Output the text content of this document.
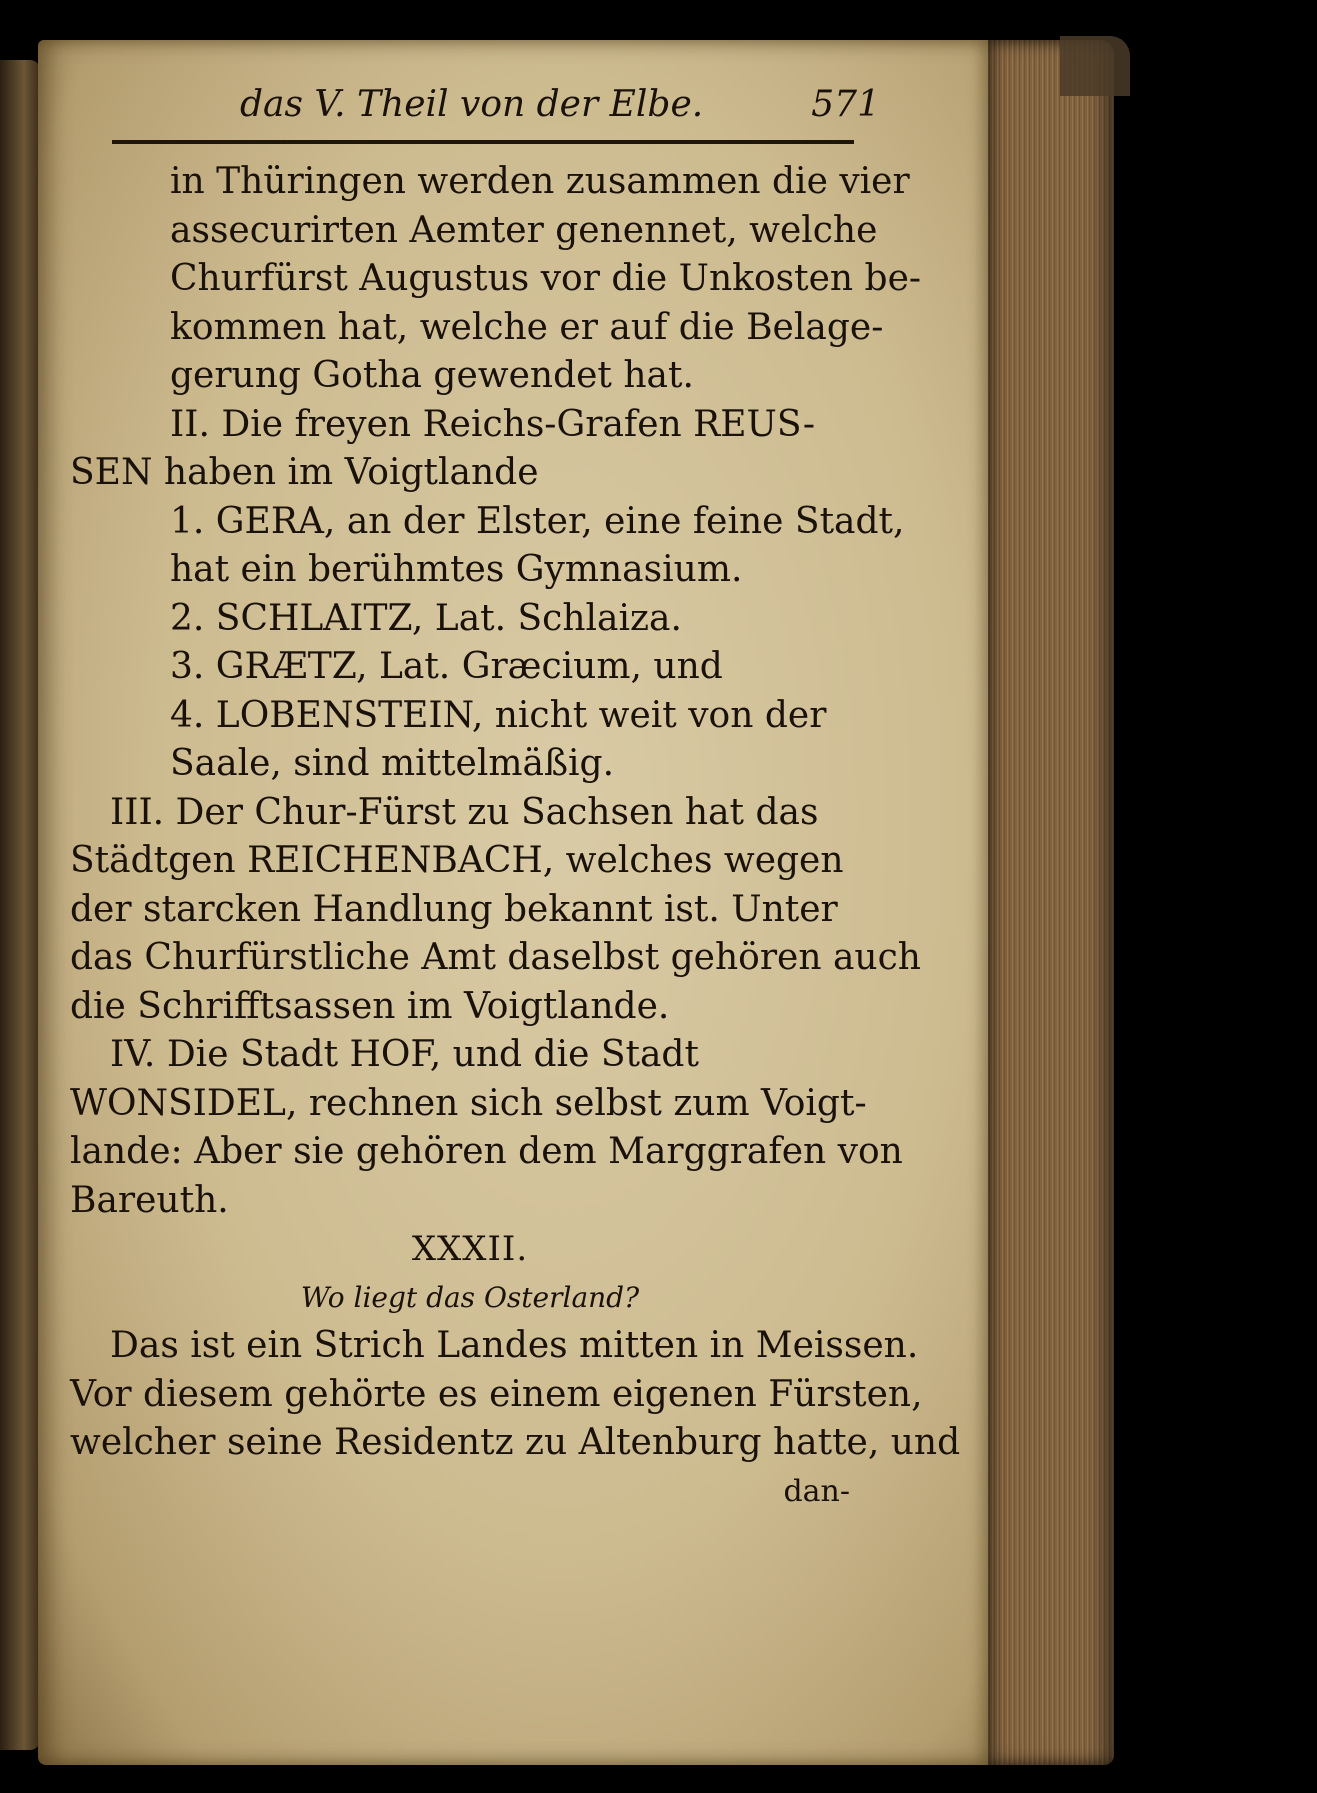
das V. Theil von der Elbe.	571
in Thüringen werden zusammen die vier
assecurirten Aemter genennet, welche
Churfürst Augustus vor die Unkosten be-
kommen hat, welche er auf die Belage-
gerung Gotha gewendet hat.
II. Die freyen Reichs-Grafen REUS-
SEN haben im Voigtlande
1. GERA, an der Elster, eine feine Stadt,
hat ein berühmtes Gymnasium.
2. SCHLAITZ, Lat. Schlaiza.
3. GRÆTZ, Lat. Græcium, und
4. LOBENSTEIN, nicht weit von der
Saale, sind mittelmäßig.
III. Der Chur-Fürst zu Sachsen hat das
Städtgen REICHENBACH, welches wegen
der starcken Handlung bekannt ist. Unter
das Churfürstliche Amt daselbst gehören auch
die Schrifftsassen im Voigtlande.
IV. Die Stadt HOF, und die Stadt
WONSIDEL, rechnen sich selbst zum Voigt-
lande: Aber sie gehören dem Marggrafen von
Bareuth.
XXXII.
Wo liegt das Osterland?
Das ist ein Strich Landes mitten in Meissen.
Vor diesem gehörte es einem eigenen Fürsten,
welcher seine Residentz zu Altenburg hatte, und
dan-
